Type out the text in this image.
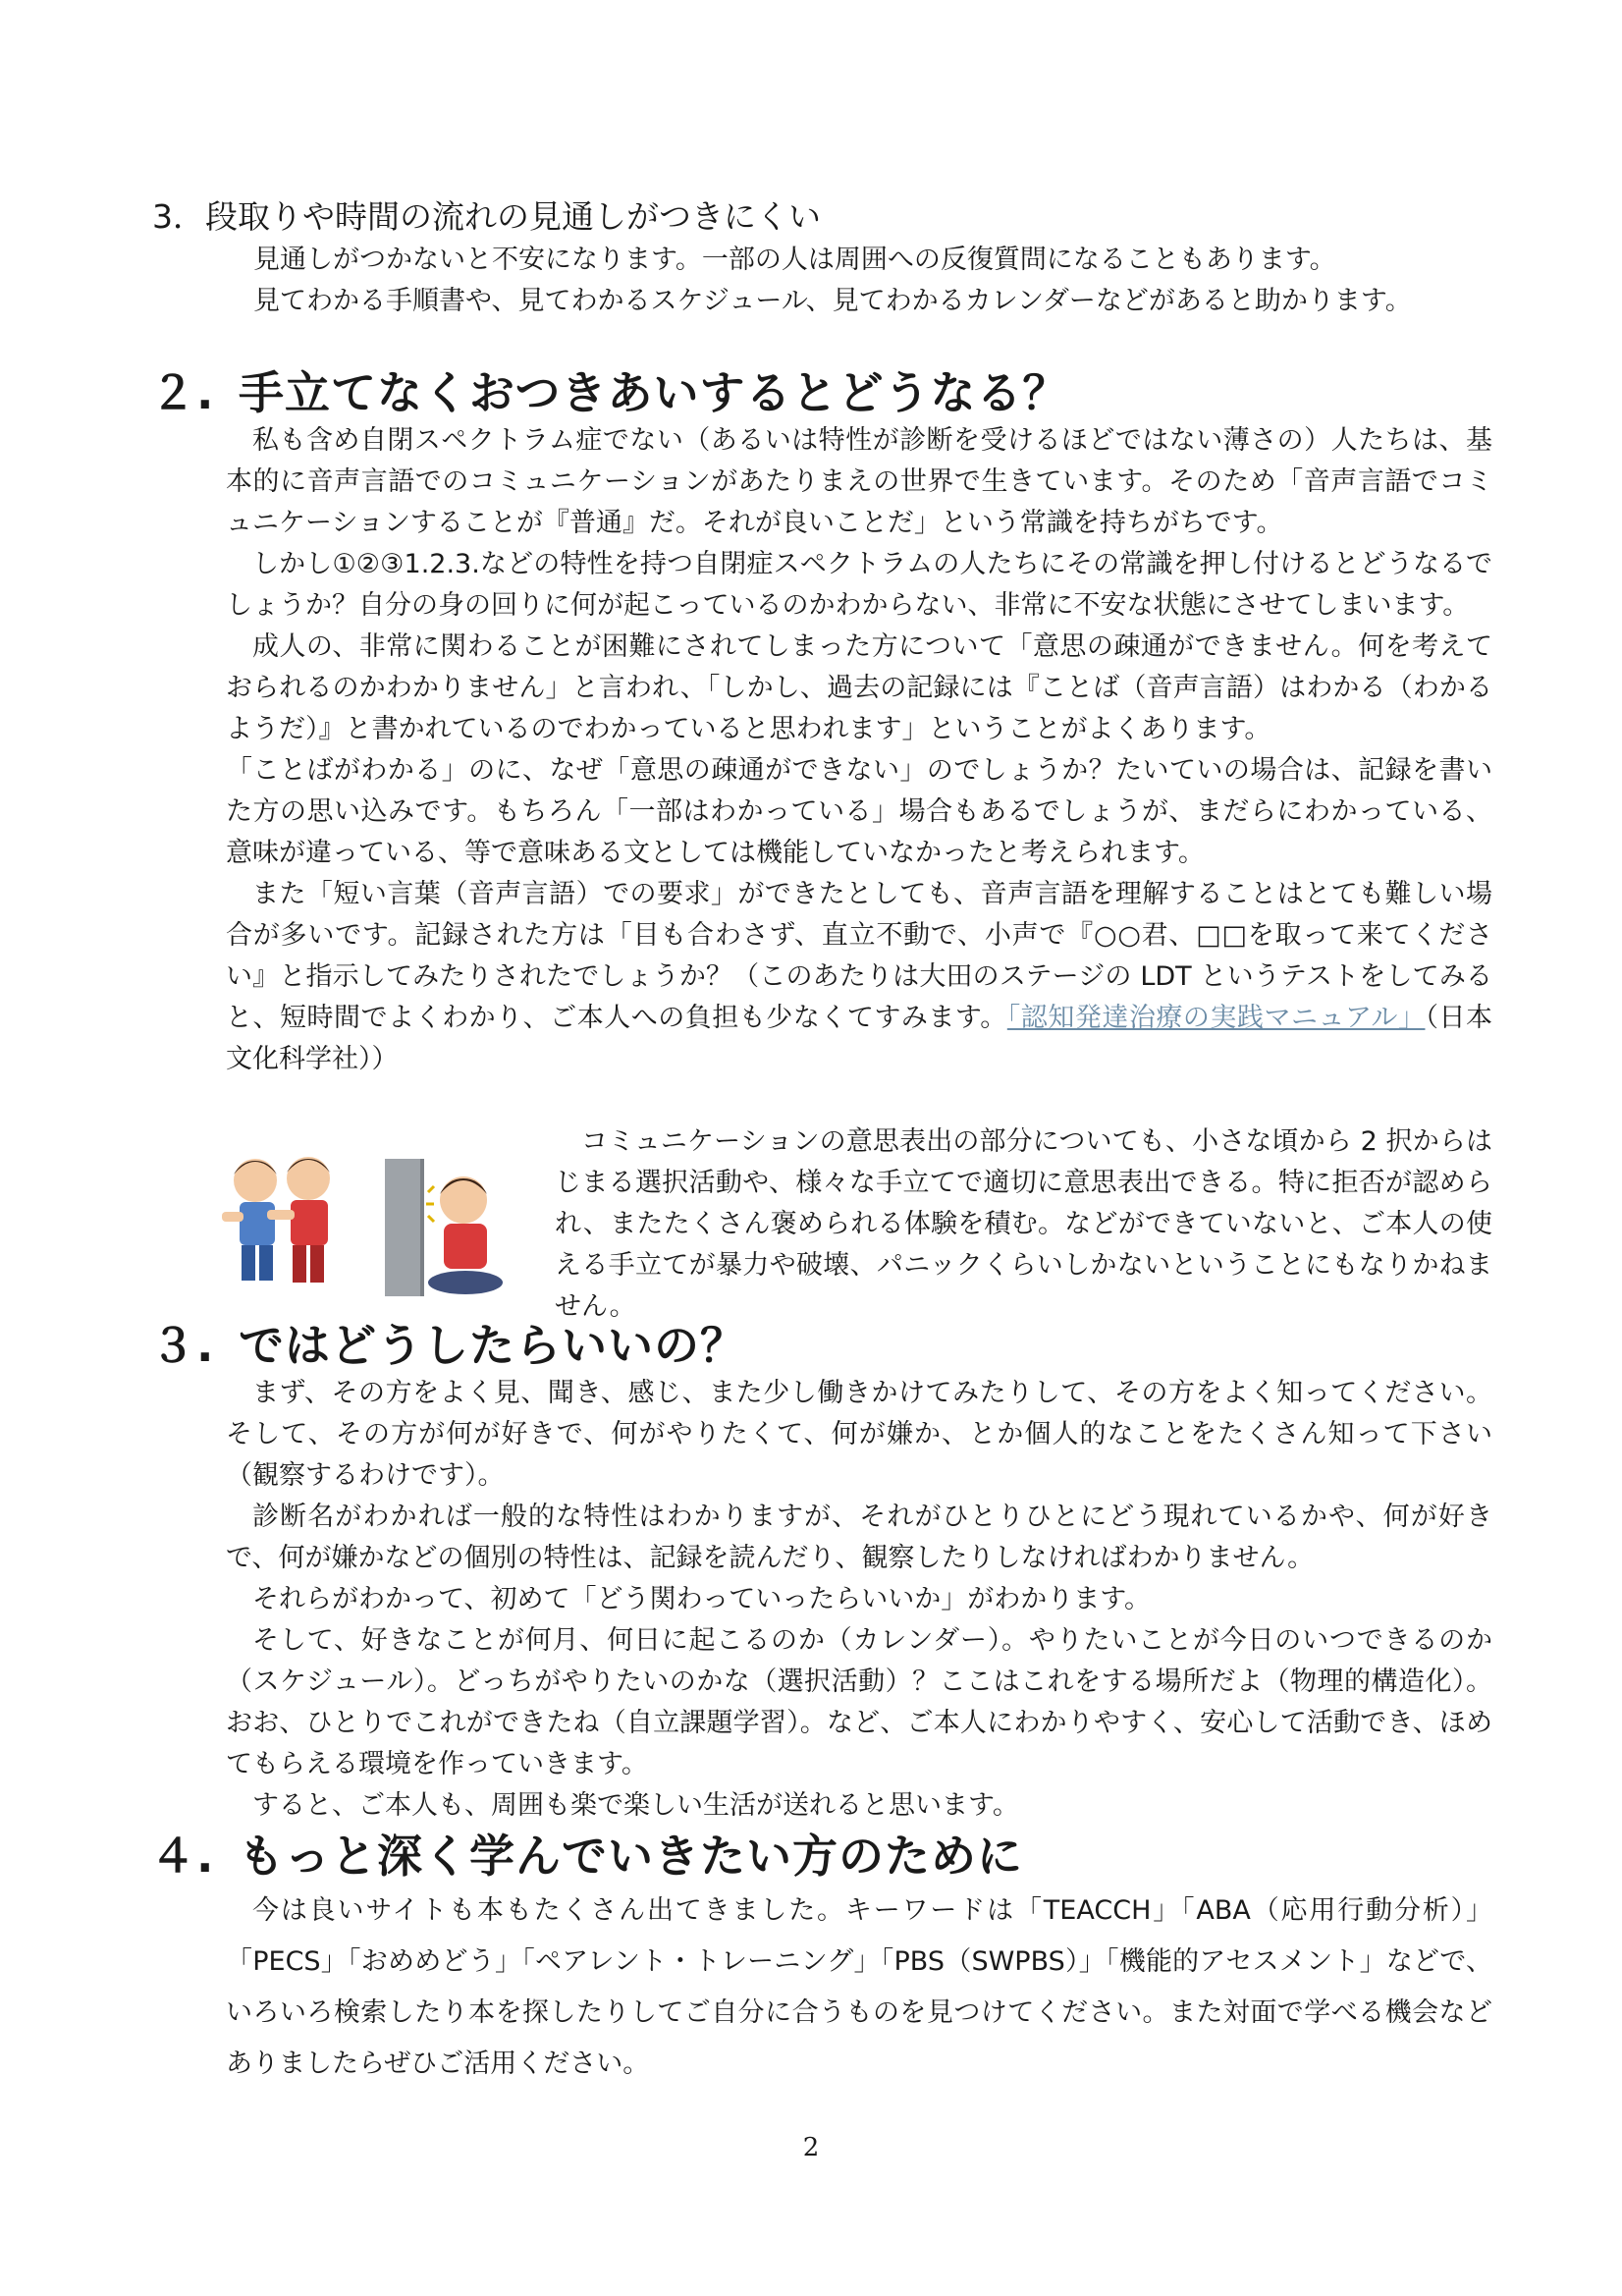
3．段取りや時間の流れの見通しがつきにくい

見通しがつかないと不安になります。一部の人は周囲への反復質問になることもあります。

見てわかる手順書や、見てわかるスケジュール、見てわかるカレンダーなどがあると助かります。

２. 手立てなくおつきあいするとどうなる？

私も含め自閉スペクトラム症でない（あるいは特性が診断を受けるほどではない薄さの）人たちは、基本的に音声言語でのコミュニケーションがあたりまえの世界で生きています。そのため「音声言語でコミュニケーションすることが『普通』だ。それが良いことだ」という常識を持ちがちです。

しかし①②③1.2.3.などの特性を持つ自閉症スペクトラムの人たちにその常識を押し付けるとどうなるでしょうか？自分の身の回りに何が起こっているのかわからない、非常に不安な状態にさせてしまいます。

成人の、非常に関わることが困難にされてしまった方について「意思の疎通ができません。何を考えておられるのかわかりません」と言われ、「しかし、過去の記録には『ことば（音声言語）はわかる（わかるようだ）』と書かれているのでわかっていると思われます」ということがよくあります。

「ことばがわかる」のに、なぜ「意思の疎通ができない」のでしょうか？たいていの場合は、記録を書いた方の思い込みです。もちろん「一部はわかっている」場合もあるでしょうが、まだらにわかっている、意味が違っている、等で意味ある文としては機能していなかったと考えられます。

また「短い言葉（音声言語）での要求」ができたとしても、音声言語を理解することはとても難しい場合が多いです。記録された方は「目も合わさず、直立不動で、小声で『○○君、□□を取って来てください』と指示してみたりされたでしょうか？（このあたりは大田のステージの LDT というテストをしてみると、短時間でよくわかり、ご本人への負担も少なくてすみます。「認知発達治療の実践マニュアル」（日本文化科学社））

コミュニケーションの意思表出の部分についても、小さな頃から 2 択からはじまる選択活動や、様々な手立てで適切に意思表出できる。特に拒否が認められ、またたくさん褒められる体験を積む。などができていないと、ご本人の使える手立てが暴力や破壊、パニックくらいしかないということにもなりかねません。

３. ではどうしたらいいの？

まず、その方をよく見、聞き、感じ、また少し働きかけてみたりして、その方をよく知ってください。そして、その方が何が好きで、何がやりたくて、何が嫌か、とか個人的なことをたくさん知って下さい（観察するわけです）。

診断名がわかれば一般的な特性はわかりますが、それがひとりひとにどう現れているかや、何が好きで、何が嫌かなどの個別の特性は、記録を読んだり、観察したりしなければわかりません。

それらがわかって、初めて「どう関わっていったらいいか」がわかります。

そして、好きなことが何月、何日に起こるのか（カレンダー）。やりたいことが今日のいつできるのか（スケジュール）。どっちがやりたいのかな（選択活動）？ここはこれをする場所だよ（物理的構造化）。おお、ひとりでこれができたね（自立課題学習）。など、ご本人にわかりやすく、安心して活動でき、ほめてもらえる環境を作っていきます。

すると、ご本人も、周囲も楽で楽しい生活が送れると思います。

４. もっと深く学んでいきたい方のために

今は良いサイトも本もたくさん出てきました。キーワードは「TEACCH」「ABA（応用行動分析）」「PECS」「おめめどう」「ペアレント・トレーニング」「PBS（SWPBS）」「機能的アセスメント」などで、いろいろ検索したり本を探したりしてご自分に合うものを見つけてください。また対面で学べる機会などありましたらぜひご活用ください。

2
